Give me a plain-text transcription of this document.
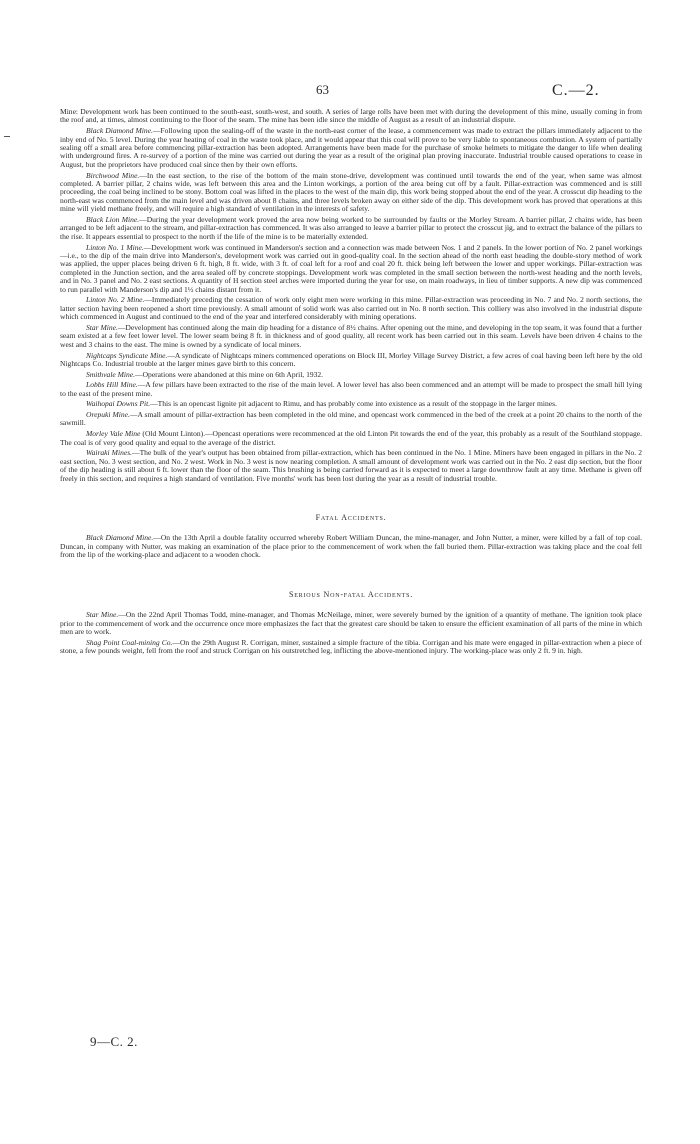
63	C.—2.

Mine: Development work has been continued to the south-east, south-west, and south. A series of large rolls have been met with during the development of this mine, usually coming in from the roof and, at times, almost continuing to the floor of the seam. The mine has been idle since the middle of August as a result of an industrial dispute.

Black Diamond Mine.—Following upon the sealing-off of the waste in the north-east corner of the lease, a commencement was made to extract the pillars immediately adjacent to the inby end of No. 5 level. During the year heating of coal in the waste took place, and it would appear that this coal will prove to be very liable to spontaneous combustion. A system of partially sealing off a small area before commencing pillar-extraction has been adopted. Arrangements have been made for the purchase of smoke helmets to mitigate the danger to life when dealing with underground fires. A re-survey of a portion of the mine was carried out during the year as a result of the original plan proving inaccurate. Industrial trouble caused operations to cease in August, but the proprietors have produced coal since then by their own efforts.

Birchwood Mine.—In the east section, to the rise of the bottom of the main stone-drive, development was continued until towards the end of the year, when same was almost completed. A barrier pillar, 2 chains wide, was left between this area and the Linton workings, a portion of the area being cut off by a fault. Pillar-extraction was commenced and is still proceeding, the coal being inclined to be stony. Bottom coal was lifted in the places to the west of the main dip, this work being stopped about the end of the year. A crosscut dip heading to the north-east was commenced from the main level and was driven about 8 chains, and three levels broken away on either side of the dip. This development work has proved that operations at this mine will yield methane freely, and will require a high standard of ventilation in the interests of safety.

Black Lion Mine.—During the year development work proved the area now being worked to be surrounded by faults or the Morley Stream. A barrier pillar, 2 chains wide, has been arranged to be left adjacent to the stream, and pillar-extraction has commenced. It was also arranged to leave a barrier pillar to protect the crosscut jig, and to extract the balance of the pillars to the rise. It appears essential to prospect to the north if the life of the mine is to be materially extended.

Linton No. 1 Mine.—Development work was continued in Manderson's section and a connection was made between Nos. 1 and 2 panels. In the lower portion of No. 2 panel workings—i.e., to the dip of the main drive into Manderson's, development work was carried out in good-quality coal. In the section ahead of the north east heading the double-story method of work was applied, the upper places being driven 6 ft. high, 8 ft. wide, with 3 ft. of coal left for a roof and coal 20 ft. thick being left between the lower and upper workings. Pillar-extraction was completed in the Junction section, and the area sealed off by concrete stoppings. Development work was completed in the small section between the north-west heading and the north levels, and in No. 3 panel and No. 2 east sections. A quantity of H section steel arches were imported during the year for use, on main roadways, in lieu of timber supports. A new dip was commenced to run parallel with Manderson's dip and 1½ chains distant from it.

Linton No. 2 Mine.—Immediately preceding the cessation of work only eight men were working in this mine. Pillar-extraction was proceeding in No. 7 and No. 2 north sections, the latter section having been reopened a short time previously. A small amount of solid work was also carried out in No. 8 north section. This colliery was also involved in the industrial dispute which commenced in August and continued to the end of the year and interfered considerably with mining operations.

Star Mine.—Development has continued along the main dip heading for a distance of 8½ chains. After opening out the mine, and developing in the top seam, it was found that a further seam existed at a few feet lower level. The lower seam being 8 ft. in thickness and of good quality, all recent work has been carried out in this seam. Levels have been driven 4 chains to the west and 3 chains to the east. The mine is owned by a syndicate of local miners.

Nightcaps Syndicate Mine.—A syndicate of Nightcaps miners commenced operations on Block III, Morley Village Survey District, a few acres of coal having been left here by the old Nightcaps Co. Industrial trouble at the larger mines gave birth to this concern.

Smithvale Mine.—Operations were abandoned at this mine on 6th April, 1932.

Lobbs Hill Mine.—A few pillars have been extracted to the rise of the main level. A lower level has also been commenced and an attempt will be made to prospect the small hill lying to the east of the present mine.

Waihopai Downs Pit.—This is an opencast lignite pit adjacent to Rimu, and has probably come into existence as a result of the stoppage in the larger mines.

Orepuki Mine.—A small amount of pillar-extraction has been completed in the old mine, and opencast work commenced in the bed of the creek at a point 20 chains to the north of the sawmill.

Morley Vale Mine (Old Mount Linton).—Opencast operations were recommenced at the old Linton Pit towards the end of the year, this probably as a result of the Southland stoppage. The coal is of very good quality and equal to the average of the district.

Wairaki Mines.—The bulk of the year's output has been obtained from pillar-extraction, which has been continued in the No. 1 Mine. Miners have been engaged in pillars in the No. 2 east section, No. 3 west section, and No. 2 west. Work in No. 3 west is now nearing completion. A small amount of development work was carried out in the No. 2 east dip section, but the floor of the dip heading is still about 6 ft. lower than the floor of the seam. This brushing is being carried forward as it is expected to meet a large downthrow fault at any time. Methane is given off freely in this section, and requires a high standard of ventilation. Five months' work has been lost during the year as a result of industrial trouble.

Fatal Accidents.

Black Diamond Mine.—On the 13th April a double fatality occurred whereby Robert William Duncan, the mine-manager, and John Nutter, a miner, were killed by a fall of top coal. Duncan, in company with Nutter, was making an examination of the place prior to the commencement of work when the fall buried them. Pillar-extraction was taking place and the coal fell from the lip of the working-place and adjacent to a wooden chock.

Serious Non-fatal Accidents.

Star Mine.—On the 22nd April Thomas Todd, mine-manager, and Thomas McNeilage, miner, were severely burned by the ignition of a quantity of methane. The ignition took place prior to the commencement of work and the occurrence once more emphasizes the fact that the greatest care should be taken to ensure the efficient examination of all parts of the mine in which men are to work.

Shag Point Coal-mining Co.—On the 29th August R. Corrigan, miner, sustained a simple fracture of the tibia. Corrigan and his mate were engaged in pillar-extraction when a piece of stone, a few pounds weight, fell from the roof and struck Corrigan on his outstretched leg, inflicting the above-mentioned injury. The working-place was only 2 ft. 9 in. high.

9—C. 2.
